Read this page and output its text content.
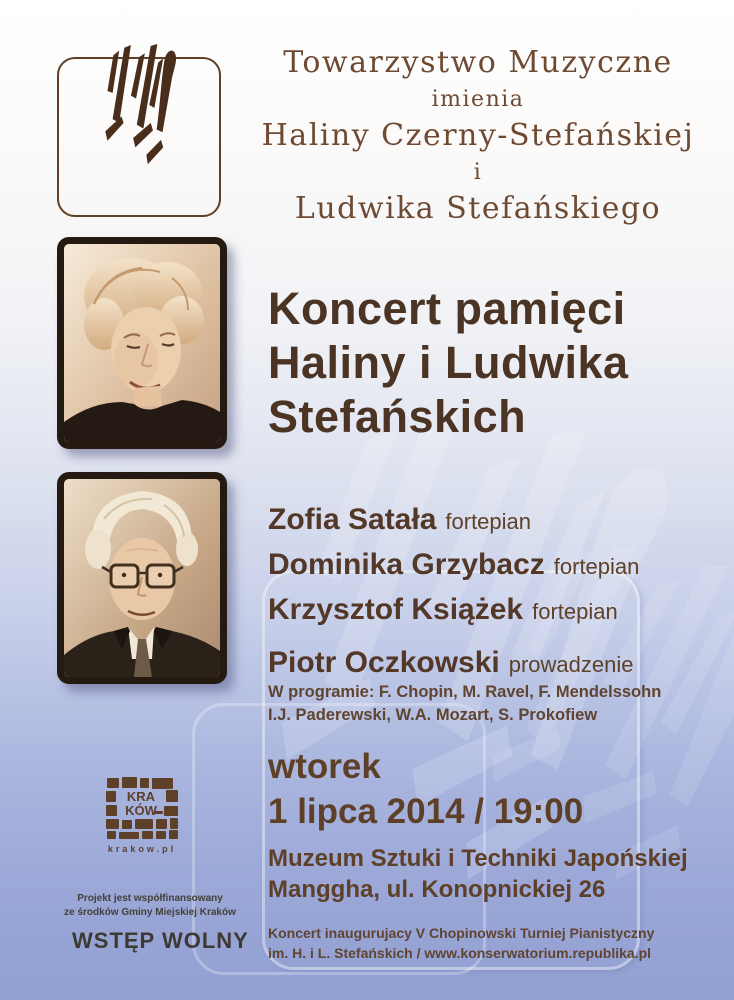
Towarzystwo Muzyczne
imienia
Haliny Czerny-Stefańskiej
i
Ludwika Stefańskiego
Koncert pamięci
Haliny i Ludwika
Stefańskich
Zofia Satała fortepian
Dominika Grzybacz fortepian
Krzysztof Książek fortepian
Piotr Oczkowski prowadzenie
W programie: F. Chopin, M. Ravel, F. Mendelssohn
I.J. Paderewski, W.A. Mozart, S. Prokofiew
wtorek
1 lipca 2014 / 19:00
Muzeum Sztuki i Techniki Japońskiej
Manggha, ul. Konopnickiej 26
Koncert inaugurujacy V Chopinowski Turniej Pianistyczny
im. H. i L. Stefańskich / www.konserwatorium.republika.pl
krakow.pl
Projekt jest współfinansowany
ze środków Gminy Miejskiej Kraków
WSTĘP WOLNY
